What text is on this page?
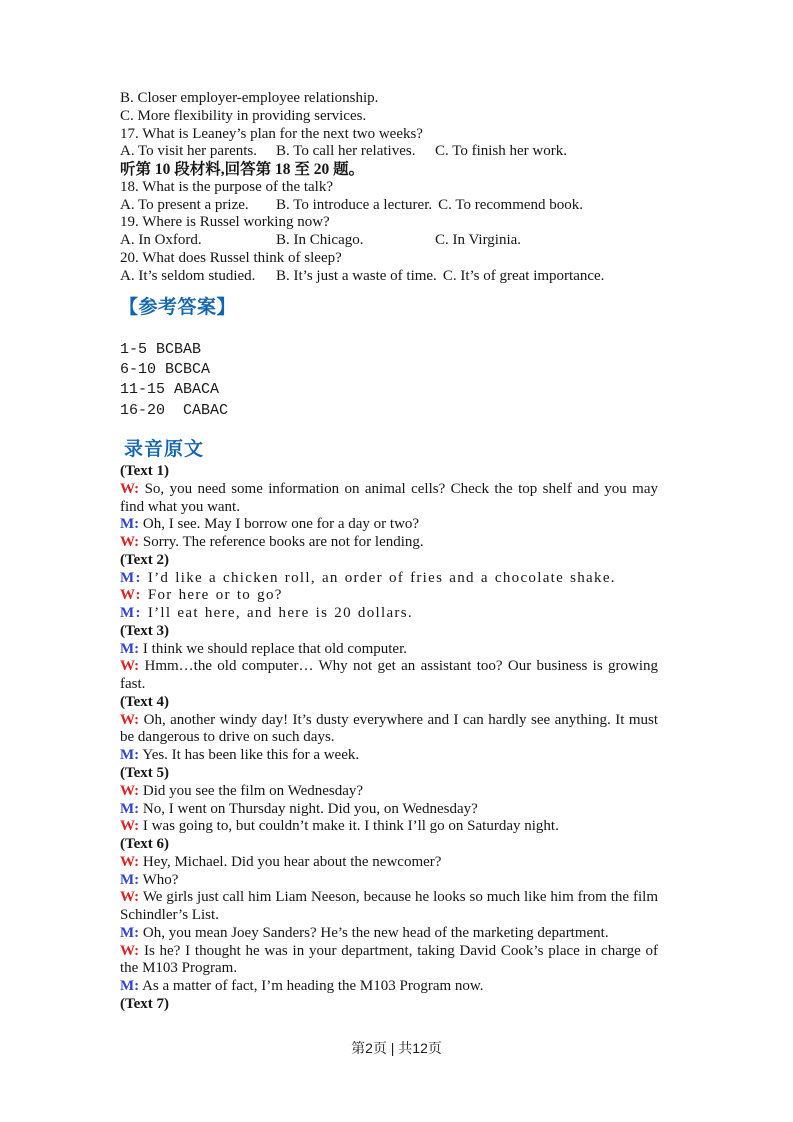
B. Closer employer-employee relationship.
C. More flexibility in providing services.
17. What is Leaney’s plan for the next two weeks?
A. To visit her parents.	B. To call her relatives.	C. To finish her work.
听第 10 段材料,回答第 18 至 20 题。
18. What is the purpose of the talk?
A. To present a prize.	B. To introduce a lecturer. C. To recommend book.
19. Where is Russel working now?
A. In Oxford.	B. In Chicago.	C. In Virginia.
20. What does Russel think of sleep?
A. It’s seldom studied.	B. It’s just a waste of time. C. It’s of great importance.
【参考答案】
1-5 BCBAB
6-10 BCBCA
11-15 ABACA
16-20  CABAC
录音原文
(Text 1)
W: So, you need some information on animal cells? Check the top shelf and you may find what you want.
M: Oh, I see. May I borrow one for a day or two?
W: Sorry. The reference books are not for lending.
(Text 2)
M: I’d like a chicken roll, an order of fries and a chocolate shake.
W: For here or to go?
M: I’ll eat here, and here is 20 dollars.
(Text 3)
M: I think we should replace that old computer.
W: Hmm…the old computer… Why not get an assistant too? Our business is growing fast.
(Text 4)
W: Oh, another windy day! It’s dusty everywhere and I can hardly see anything. It must be dangerous to drive on such days.
M: Yes. It has been like this for a week.
(Text 5)
W: Did you see the film on Wednesday?
M: No, I went on Thursday night. Did you, on Wednesday?
W: I was going to, but couldn’t make it. I think I’ll go on Saturday night.
(Text 6)
W: Hey, Michael. Did you hear about the newcomer?
M: Who?
W: We girls just call him Liam Neeson, because he looks so much like him from the film Schindler’s List.
M: Oh, you mean Joey Sanders? He’s the new head of the marketing department.
W: Is he? I thought he was in your department, taking David Cook’s place in charge of the M103 Program.
M: As a matter of fact, I’m heading the M103 Program now.
(Text 7)
第2页 | 共12页
